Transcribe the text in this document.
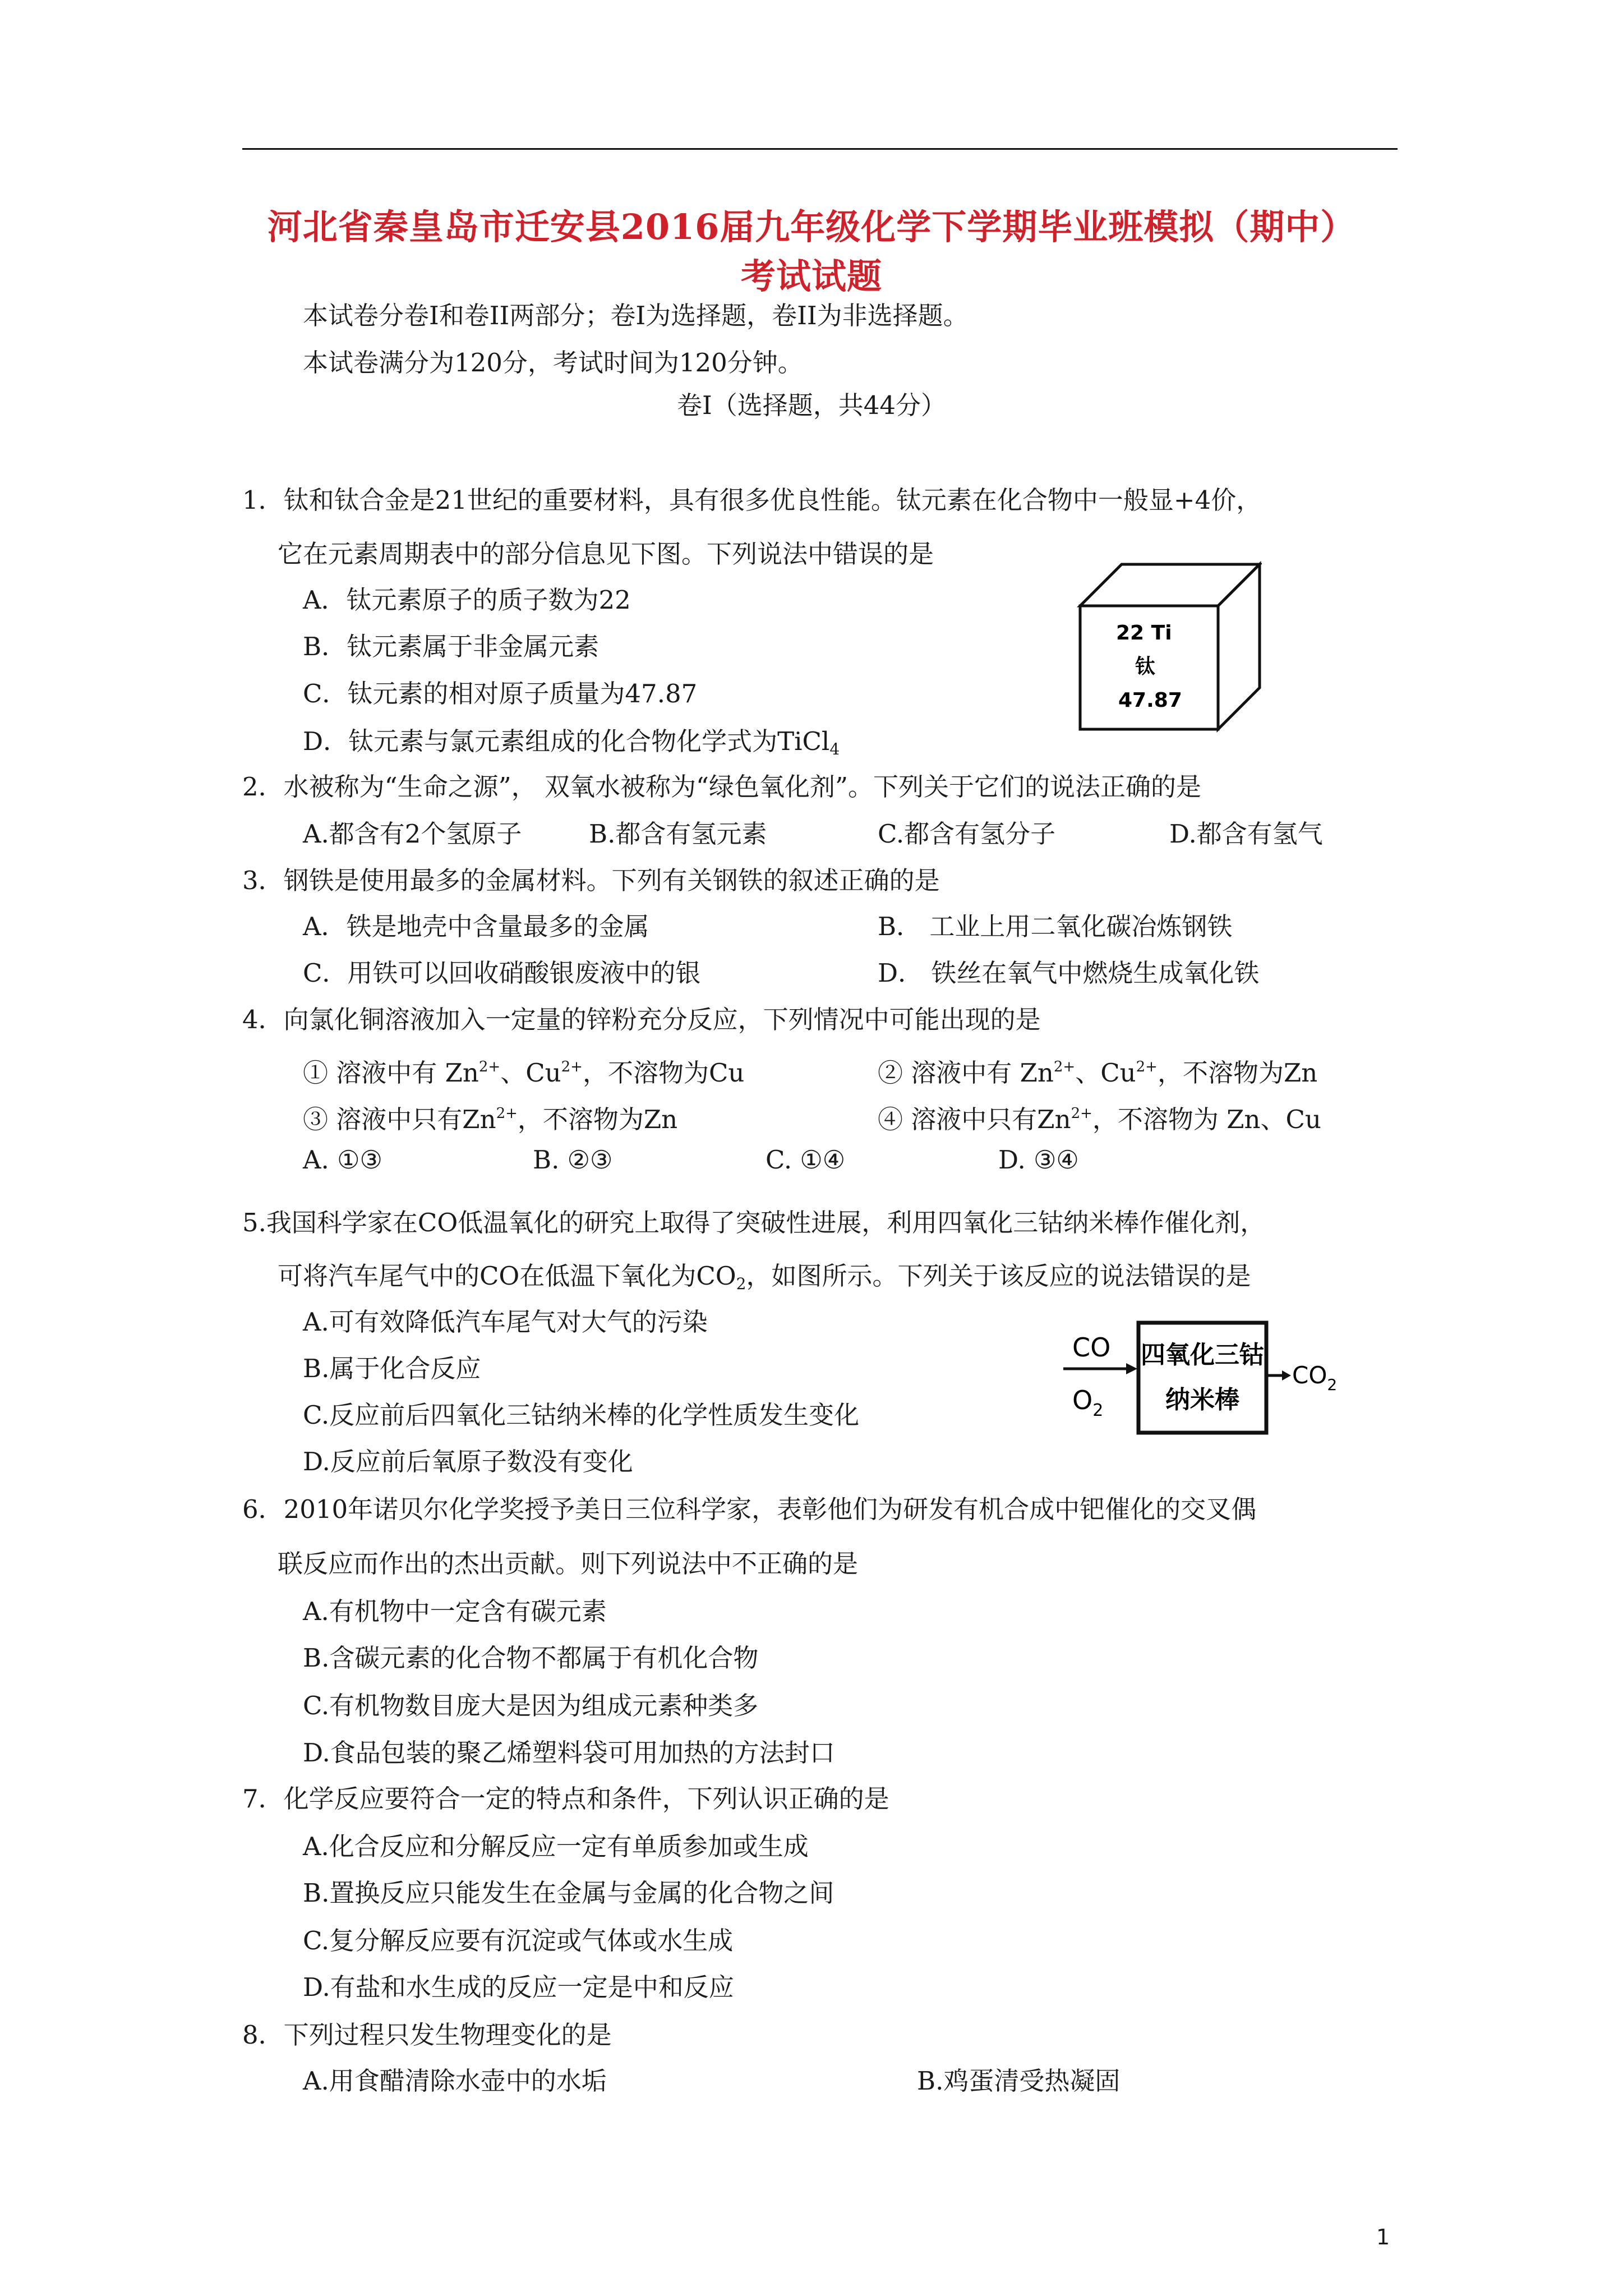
河北省秦皇岛市迁安县2016届九年级化学下学期毕业班模拟（期中）
考试试题
本试卷分卷Ⅰ和卷II两部分；卷Ⅰ为选择题，卷II为非选择题。
本试卷满分为120分，考试时间为120分钟。
卷Ⅰ（选择题，共44分）
1．钛和钛合金是21世纪的重要材料，具有很多优良性能。钛元素在化合物中一般显+4价，
它在元素周期表中的部分信息见下图。下列说法中错误的是
A．钛元素原子的质子数为22
B．钛元素属于非金属元素
C．钛元素的相对原子质量为47.87
D．钛元素与氯元素组成的化合物化学式为TiCl$_4$
22 Ti
钛
47.87
2．水被称为“生命之源”， 双氧水被称为“绿色氧化剂”。下列关于它们的说法正确的是
A.都含有2个氢原子	B.都含有氢元素	C.都含有氢分子	D.都含有氢气
3．钢铁是使用最多的金属材料。下列有关钢铁的叙述正确的是
A．铁是地壳中含量最多的金属	B． 工业上用二氧化碳冶炼钢铁
C．用铁可以回收硝酸银废液中的银	D． 铁丝在氧气中燃烧生成氧化铁
4．向氯化铜溶液加入一定量的锌粉充分反应，下列情况中可能出现的是
① 溶液中有 $Zn^{2+}$、$Cu^{2+}$，不溶物为Cu	② 溶液中有 $Zn^{2+}$、$Cu^{2+}$，不溶物为Zn
③ 溶液中只有$Zn^{2+}$，不溶物为Zn	④ 溶液中只有$Zn^{2+}$，不溶物为 Zn、Cu
A. ①③	B. ②③	C. ①④	D. ③④
5.我国科学家在CO低温氧化的研究上取得了突破性进展，利用四氧化三钴纳米棒作催化剂，
可将汽车尾气中的CO在低温下氧化为$CO_2$，如图所示。下列关于该反应的说法错误的是
A.可有效降低汽车尾气对大气的污染
B.属于化合反应
C.反应前后四氧化三钴纳米棒的化学性质发生变化
D.反应前后氧原子数没有变化
CO
$O_2$
四氧化三钴
纳米棒
$CO_2$
6．2010年诺贝尔化学奖授予美日三位科学家，表彰他们为研发有机合成中钯催化的交叉偶
联反应而作出的杰出贡献。则下列说法中不正确的是
A.有机物中一定含有碳元素
B.含碳元素的化合物不都属于有机化合物
C.有机物数目庞大是因为组成元素种类多
D.食品包装的聚乙烯塑料袋可用加热的方法封口
7．化学反应要符合一定的特点和条件，下列认识正确的是
A.化合反应和分解反应一定有单质参加或生成
B.置换反应只能发生在金属与金属的化合物之间
C.复分解反应要有沉淀或气体或水生成
D.有盐和水生成的反应一定是中和反应
8．下列过程只发生物理变化的是
A.用食醋清除水壶中的水垢	B.鸡蛋清受热凝固
1
